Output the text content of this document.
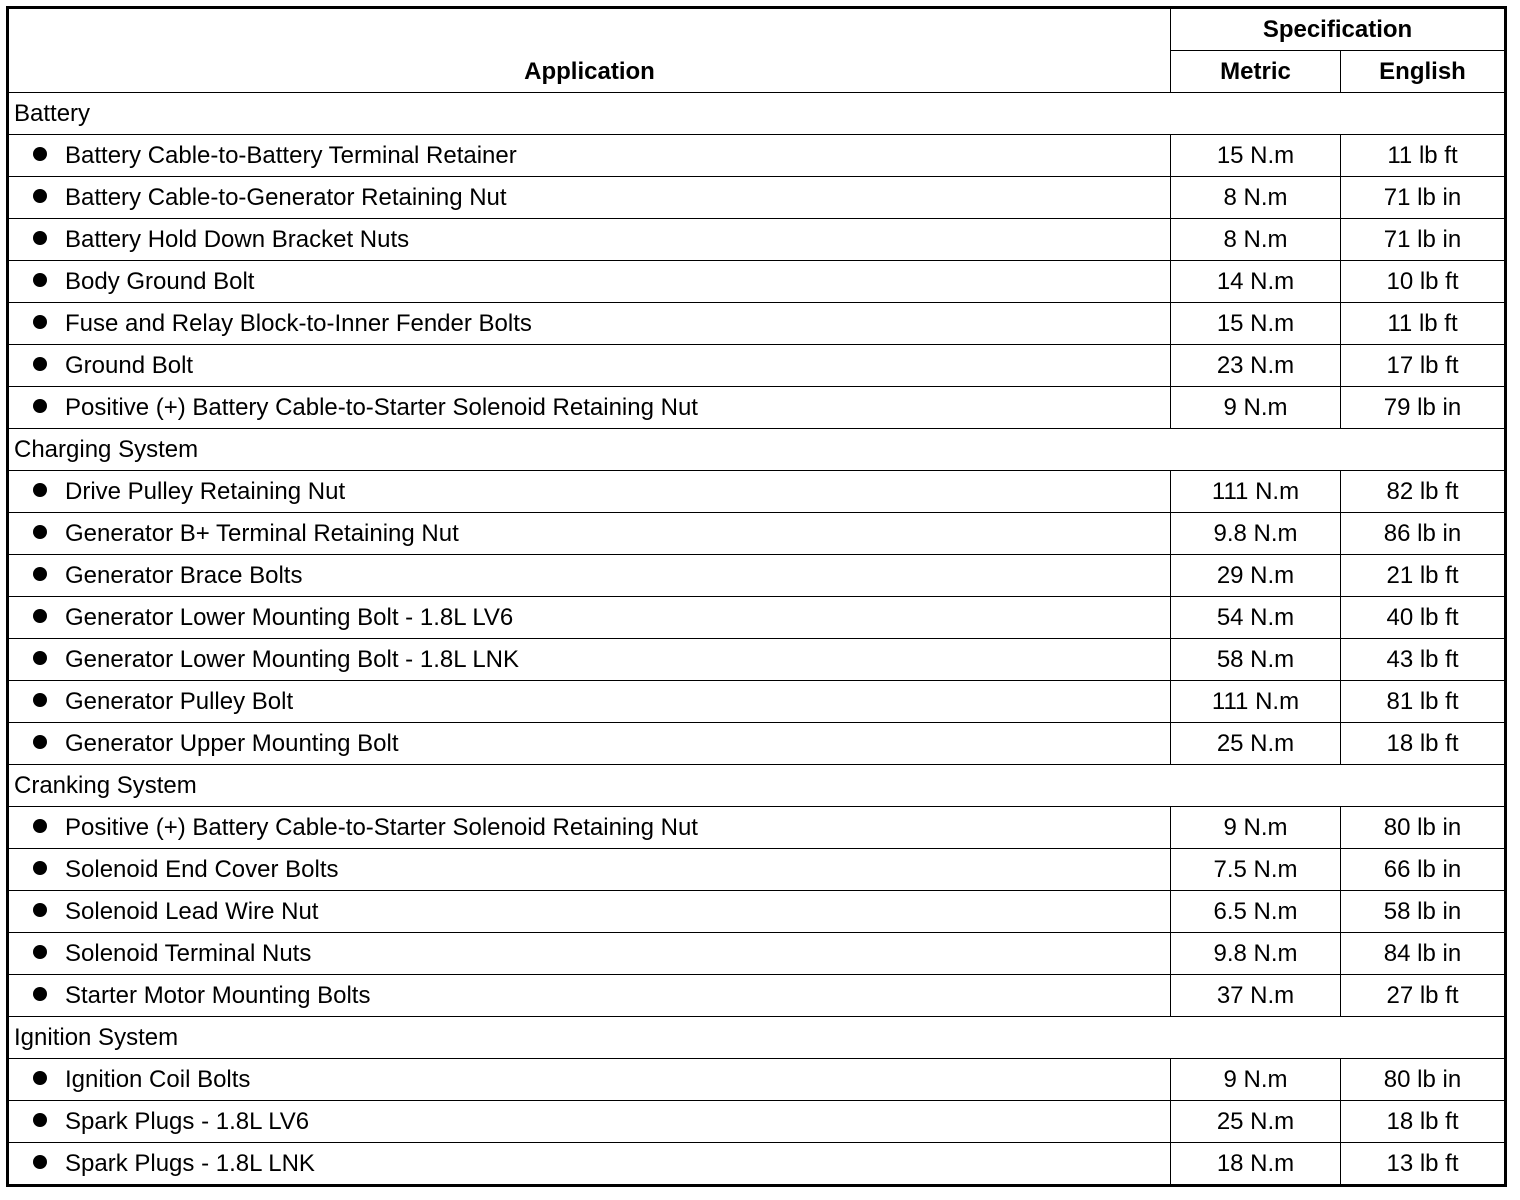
Application	Specification	
	Metric	English
Battery		
Battery Cable-to-Battery Terminal Retainer	15 N.m	11 lb ft
Battery Cable-to-Generator Retaining Nut	8 N.m	71 lb in
Battery Hold Down Bracket Nuts	8 N.m	71 lb in
Body Ground Bolt	14 N.m	10 lb ft
Fuse and Relay Block-to-Inner Fender Bolts	15 N.m	11 lb ft
Ground Bolt	23 N.m	17 lb ft
Positive (+) Battery Cable-to-Starter Solenoid Retaining Nut	9 N.m	79 lb in
Charging System		
Drive Pulley Retaining Nut	111 N.m	82 lb ft
Generator B+ Terminal Retaining Nut	9.8 N.m	86 lb in
Generator Brace Bolts	29 N.m	21 lb ft
Generator Lower Mounting Bolt - 1.8L LV6	54 N.m	40 lb ft
Generator Lower Mounting Bolt - 1.8L LNK	58 N.m	43 lb ft
Generator Pulley Bolt	111 N.m	81 lb ft
Generator Upper Mounting Bolt	25 N.m	18 lb ft
Cranking System		
Positive (+) Battery Cable-to-Starter Solenoid Retaining Nut	9 N.m	80 lb in
Solenoid End Cover Bolts	7.5 N.m	66 lb in
Solenoid Lead Wire Nut	6.5 N.m	58 lb in
Solenoid Terminal Nuts	9.8 N.m	84 lb in
Starter Motor Mounting Bolts	37 N.m	27 lb ft
Ignition System		
Ignition Coil Bolts	9 N.m	80 lb in
Spark Plugs - 1.8L LV6	25 N.m	18 lb ft
Spark Plugs - 1.8L LNK	18 N.m	13 lb ft
